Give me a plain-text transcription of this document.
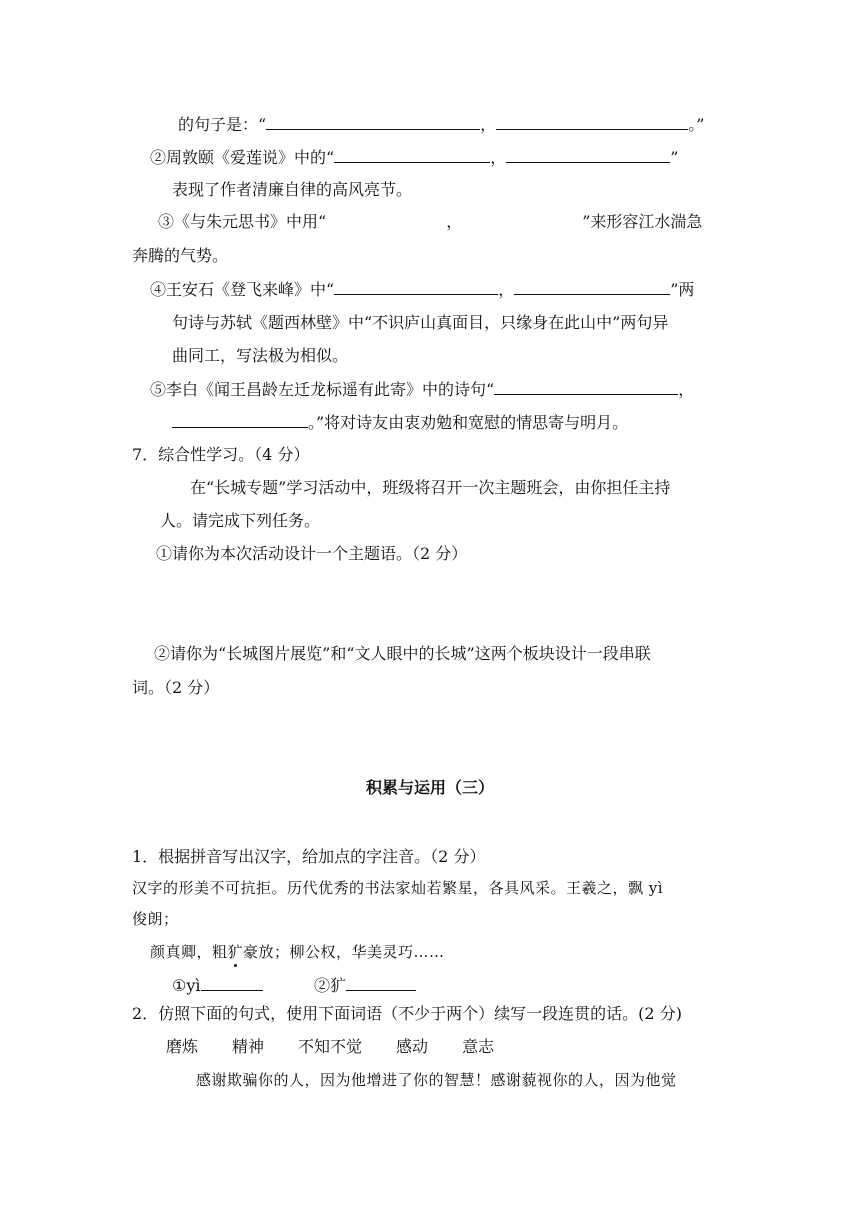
的句子是：“	，	。”
②周敦颐《爱莲说》中的“	，	”
表现了作者清廉自律的高风亮节。
③《与朱元思书》中用“	，	”来形容江水湍急
奔腾的气势。
④王安石《登飞来峰》中“	，	”两
句诗与苏轼《题西林壁》中“不识庐山真面目，只缘身在此山中”两句异
曲同工，写法极为相似。
⑤李白《闻王昌龄左迁龙标遥有此寄》中的诗句“	，
。”将对诗友由衷劝勉和宽慰的情思寄与明月。
7．综合性学习。（4 分）
在“长城专题”学习活动中，班级将召开一次主题班会，由你担任主持
人。请完成下列任务。
①请你为本次活动设计一个主题语。（2 分）
②请你为“长城图片展览”和“文人眼中的长城”这两个板块设计一段串联
词。（2 分）
积累与运用（三）
1．根据拼音写出汉字，给加点的字注音。（2 分）
汉字的形美不可抗拒。历代优秀的书法家灿若繁星，各具风采。王羲之，飘 yì
俊朗；
颜真卿，粗犷豪放；柳公权，华美灵巧……
①yì	②犷
2．仿照下面的句式，使用下面词语（不少于两个）续写一段连贯的话。(2 分)
磨炼 精神 不知不觉 感动 意志
感谢欺骗你的人，因为他增进了你的智慧！感谢藐视你的人，因为他觉
